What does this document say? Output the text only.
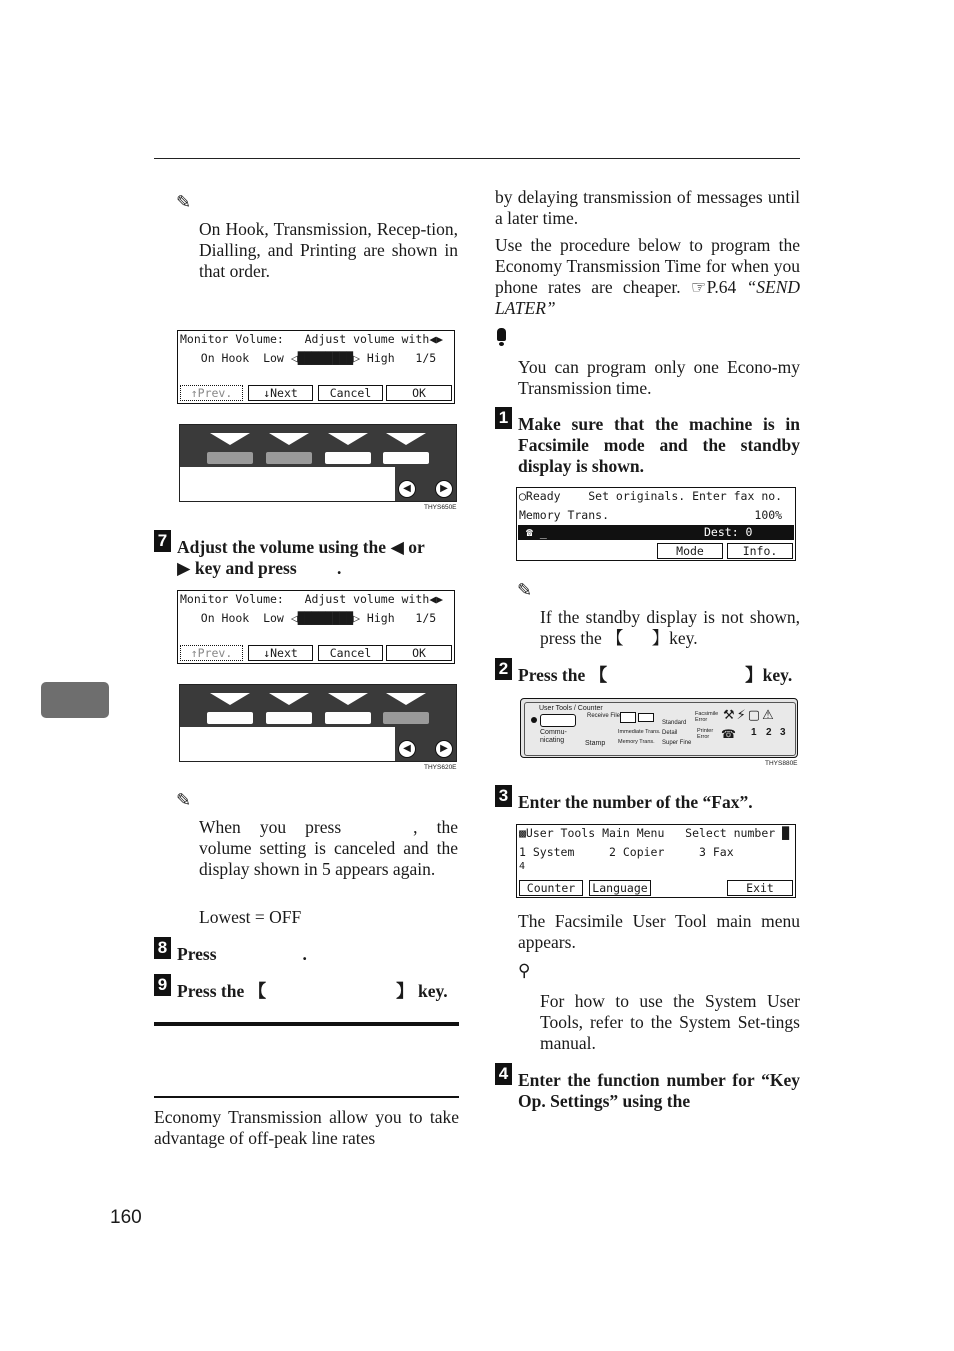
✎
On Hook, Transmission, Recep-tion, Dialling, and Printing are shown in that order.
Monitor Volume:   Adjust volume with◀▶
On Hook  Low ◁████████▷ High   1/5
↑Prev.	↓Next	Cancel	OK
◀	▶
THYS650E
7 Adjust the volume using the ◀ or
▶ key and press .
Monitor Volume:   Adjust volume with◀▶
On Hook  Low ◁████████▷ High   1/5
↑Prev.	↓Next	Cancel	OK
◀	▶
THYS620E
✎
When you press	, the volume setting is canceled and the display shown in 5 appears again.
Lowest = OFF
8 Press	.
9 Press the 【	】 key.
Economy Transmission allow you to take advantage of off-peak line rates
160
by delaying transmission of messages until a later time.
Use the procedure below to program the Economy Transmission Time for when you phone rates are cheaper. ☞P.64 “SEND LATER”
You can program only one Econo-my Transmission time.
1 Make sure that the machine is in Facsimile mode and the standby display is shown.
◯Ready    Set originals. Enter fax no.
Memory Trans.                     100%
☎ _	Dest: 0
Mode	Info.
✎
If the standby display is not shown, press the 【 】key.
2 Press the 【	】key.
User Tools / Counter
Commu-nicating
Receive File
Standard
Detail
Super Fine
Immediate Trans.
Memory Trans.
Stamp
Facsimile Error
Printer Error
⚒⚡▢⚠
☎ 1 2 3
THYS880E
3 Enter the number of the “Fax”.
▩User Tools Main Menu   Select number █
1 System     2 Copier     3 Fax
4
Counter	Language	Exit
The Facsimile User Tool main menu appears.
⚲
For how to use the System User Tools, refer to the System Set-tings manual.
4 Enter the function number for “Key Op. Settings” using the
